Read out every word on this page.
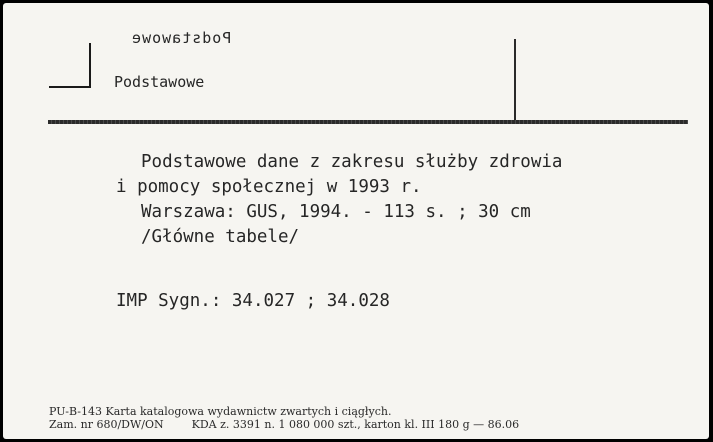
Podstawowe
Podstawowe
Podstawowe dane z zakresu służby zdrowia
i pomocy społecznej w 1993 r.
Warszawa: GUS, 1994. - 113 s. ; 30 cm
/Główne tabele/
IMP Sygn.: 34.027 ; 34.028
PU-B-143 Karta katalogowa wydawnictw zwartych i ciągłych.
Zam. nr 680/DW/ON        KDA z. 3391 n. 1 080 000 szt., karton kl. III 180 g — 86.06
